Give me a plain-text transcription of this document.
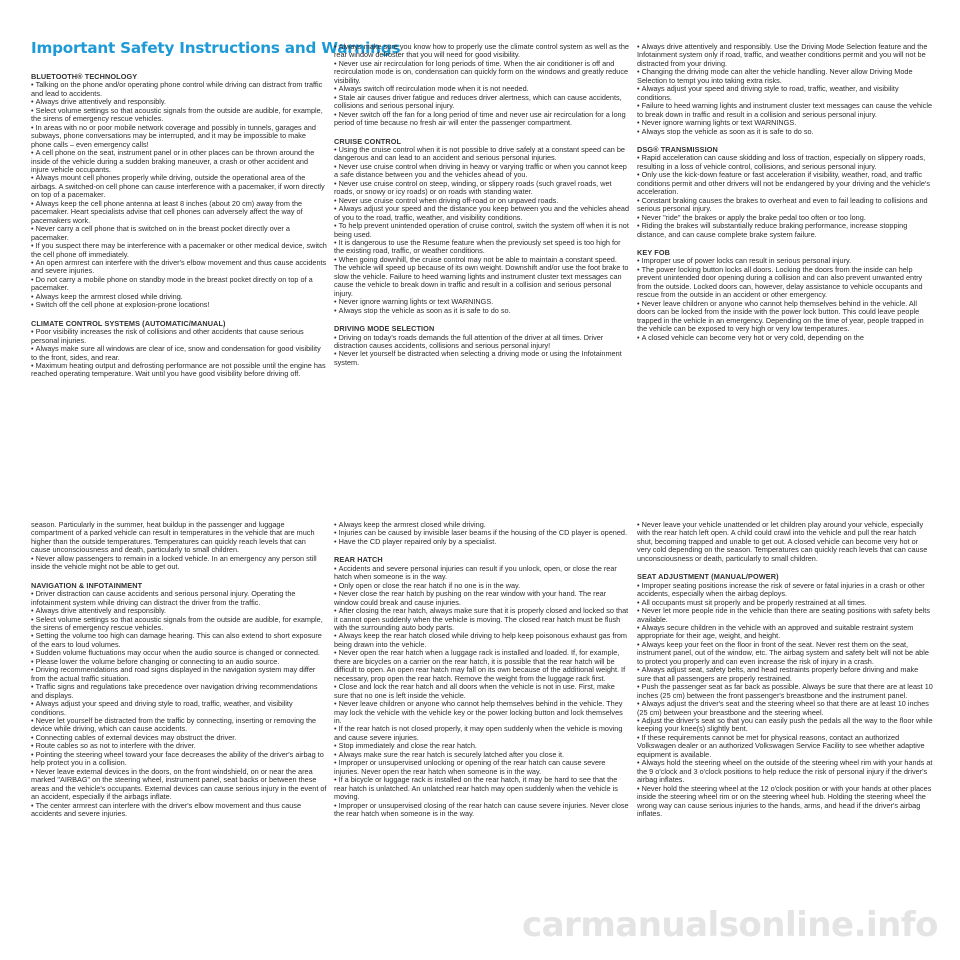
Important Safety Instructions and Warnings

BLUETOOTH® TECHNOLOGY

• Talking on the phone and/or operating phone control while driving can distract from traffic and lead to accidents.

• Always drive attentively and responsibly.

• Select volume settings so that acoustic signals from the outside are audible, for example, the sirens of emergency rescue vehicles.

• In areas with no or poor mobile network coverage and possibly in tunnels, garages and subways, phone conversations may be interrupted, and it may be impossible to make phone calls – even emergency calls!

• A cell phone on the seat, instrument panel or in other places can be thrown around the inside of the vehicle during a sudden braking maneuver, a crash or other accident and injure vehicle occupants.

• Always mount cell phones properly while driving, outside the operational area of the airbags. A switched-on cell phone can cause interference with a pacemaker, if worn directly on top of a pacemaker.

• Always keep the cell phone antenna at least 8 inches (about 20 cm) away from the pacemaker. Heart specialists advise that cell phones can adversely affect the way of pacemakers work.

• Never carry a cell phone that is switched on in the breast pocket directly over a pacemaker.

• If you suspect there may be interference with a pacemaker or other medical device, switch the cell phone off immediately.

• An open armrest can interfere with the driver's elbow movement and thus cause accidents and severe injuries.

• Do not carry a mobile phone on standby mode in the breast pocket directly on top of a pacemaker.

• Always keep the armrest closed while driving.

• Switch off the cell phone at explosion-prone locations!

CLIMATE CONTROL SYSTEMS (AUTOMATIC/MANUAL)

• Poor visibility increases the risk of collisions and other accidents that cause serious personal injuries.

• Always make sure all windows are clear of ice, snow and condensation for good visibility to the front, sides, and rear.

• Maximum heating output and defrosting performance are not possible until the engine has reached operating temperature. Wait until you have good visibility before driving off.

• Always make sure you know how to properly use the climate control system as well as the rear window defroster that you will need for good visibility.

• Never use air recirculation for long periods of time. When the air conditioner is off and recirculation mode is on, condensation can quickly form on the windows and greatly reduce visibility.

• Always switch off recirculation mode when it is not needed.

• Stale air causes driver fatigue and reduces driver alertness, which can cause accidents, collisions and serious personal injury.

• Never switch off the fan for a long period of time and never use air recirculation for a long period of time because no fresh air will enter the passenger compartment.

CRUISE CONTROL

• Using the cruise control when it is not possible to drive safely at a constant speed can be dangerous and can lead to an accident and serious personal injuries.

• Never use cruise control when driving in heavy or varying traffic or when you cannot keep a safe distance between you and the vehicles ahead of you.

• Never use cruise control on steep, winding, or slippery roads (such gravel roads, wet roads, or snowy or icy roads) or on roads with standing water.

• Never use cruise control when driving off-road or on unpaved roads.

• Always adjust your speed and the distance you keep between you and the vehicles ahead of you to the road, traffic, weather, and visibility conditions.

• To help prevent unintended operation of cruise control, switch the system off when it is not being used.

• It is dangerous to use the Resume feature when the previously set speed is too high for the existing road, traffic, or weather conditions.

• When going downhill, the cruise control may not be able to maintain a constant speed. The vehicle will speed up because of its own weight. Downshift and/or use the foot brake to slow the vehicle. Failure to heed warning lights and instrument cluster text messages can cause the vehicle to break down in traffic and result in a collision and serious personal injury.

• Never ignore warning lights or text WARNINGS.

• Always stop the vehicle as soon as it is safe to do so.

DRIVING MODE SELECTION

• Driving on today's roads demands the full attention of the driver at all times. Driver distraction causes accidents, collisions and serious personal injury!

• Never let yourself be distracted when selecting a driving mode or using the Infotainment system.

• Always drive attentively and responsibly. Use the Driving Mode Selection feature and the Infotainment system only if road, traffic, and weather conditions permit and you will not be distracted from your driving.

• Changing the driving mode can alter the vehicle handling. Never allow Driving Mode Selection to tempt you into taking extra risks.

• Always adjust your speed and driving style to road, traffic, weather, and visibility conditions.

• Failure to heed warning lights and instrument cluster text messages can cause the vehicle to break down in traffic and result in a collision and serious personal injury.

• Never ignore warning lights or text WARNINGS.

• Always stop the vehicle as soon as it is safe to do so.

DSG® TRANSMISSION

• Rapid acceleration can cause skidding and loss of traction, especially on slippery roads, resulting in a loss of vehicle control, collisions, and serious personal injury.

• Only use the kick-down feature or fast acceleration if visibility, weather, road, and traffic conditions permit and other drivers will not be endangered by your driving and the vehicle's acceleration.

• Constant braking causes the brakes to overheat and even to fail leading to collisions and serious personal injury.

• Never "ride" the brakes or apply the brake pedal too often or too long.

• Riding the brakes will substantially reduce braking performance, increase stopping distance, and can cause complete brake system failure.

KEY FOB

• Improper use of power locks can result in serious personal injury.

• The power locking button locks all doors. Locking the doors from the inside can help prevent unintended door opening during a collision and can also prevent unwanted entry from the outside. Locked doors can, however, delay assistance to vehicle occupants and rescue from the outside in an accident or other emergency.

• Never leave children or anyone who cannot help themselves behind in the vehicle. All doors can be locked from the inside with the power lock button. This could leave people trapped in the vehicle in an emergency. Depending on the time of year, people trapped in the vehicle can be exposed to very high or very low temperatures.

• A closed vehicle can become very hot or very cold, depending on the

season. Particularly in the summer, heat buildup in the passenger and luggage compartment of a parked vehicle can result in temperatures in the vehicle that are much higher than the outside temperatures. Temperatures can quickly reach levels that can cause unconsciousness and death, particularly to small children.

• Never allow passengers to remain in a locked vehicle. In an emergency any person still inside the vehicle might not be able to get out.

NAVIGATION & INFOTAINMENT

• Driver distraction can cause accidents and serious personal injury. Operating the infotainment system while driving can distract the driver from the traffic.

• Always drive attentively and responsibly.

• Select volume settings so that acoustic signals from the outside are audible, for example, the sirens of emergency rescue vehicles.

• Setting the volume too high can damage hearing. This can also extend to short exposure of the ears to loud volumes.

• Sudden volume fluctuations may occur when the audio source is changed or connected.

• Please lower the volume before changing or connecting to an audio source.

• Driving recommendations and road signs displayed in the navigation system may differ from the actual traffic situation.

• Traffic signs and regulations take precedence over navigation driving recommendations and displays.

• Always adjust your speed and driving style to road, traffic, weather, and visibility conditions.

• Never let yourself be distracted from the traffic by connecting, inserting or removing the device while driving, which can cause accidents.

• Connecting cables of external devices may obstruct the driver.

• Route cables so as not to interfere with the driver.

• Pointing the steering wheel toward your face decreases the ability of the driver's airbag to help protect you in a collision.

• Never leave external devices in the doors, on the front windshield, on or near the area marked "AIRBAG" on the steering wheel, instrument panel, seat backs or between these areas and the vehicle's occupants. External devices can cause serious injury in the event of an accident, especially if the airbags inflate.

• The center armrest can interfere with the driver's elbow movement and thus cause accidents and severe injuries.

• Always keep the armrest closed while driving.

• Injuries can be caused by invisible laser beams if the housing of the CD player is opened.

• Have the CD player repaired only by a specialist.

REAR HATCH

• Accidents and severe personal injuries can result if you unlock, open, or close the rear hatch when someone is in the way.

• Only open or close the rear hatch if no one is in the way.

• Never close the rear hatch by pushing on the rear window with your hand. The rear window could break and cause injuries.

• After closing the rear hatch, always make sure that it is properly closed and locked so that it cannot open suddenly when the vehicle is moving. The closed rear hatch must be flush with the surrounding auto body parts.

• Always keep the rear hatch closed while driving to help keep poisonous exhaust gas from being drawn into the vehicle.

• Never open the rear hatch when a luggage rack is installed and loaded. If, for example, there are bicycles on a carrier on the rear hatch, it is possible that the rear hatch will be difficult to open. An open rear hatch may fall on its own because of the additional weight. If necessary, prop open the rear hatch. Remove the weight from the luggage rack first.

• Close and lock the rear hatch and all doors when the vehicle is not in use. First, make sure that no one is left inside the vehicle.

• Never leave children or anyone who cannot help themselves behind in the vehicle. They may lock the vehicle with the vehicle key or the power locking button and lock themselves in.

• If the rear hatch is not closed properly, it may open suddenly when the vehicle is moving and cause severe injuries.

• Stop immediately and close the rear hatch.

• Always make sure the rear hatch is securely latched after you close it.

• Improper or unsupervised unlocking or opening of the rear hatch can cause severe injuries. Never open the rear hatch when someone is in the way.

• If a bicycle or luggage rack is installed on the rear hatch, it may be hard to see that the rear hatch is unlatched. An unlatched rear hatch may open suddenly when the vehicle is moving.

• Improper or unsupervised closing of the rear hatch can cause severe injuries. Never close the rear hatch when someone is in the way.

• Never leave your vehicle unattended or let children play around your vehicle, especially with the rear hatch left open. A child could crawl into the vehicle and pull the rear hatch shut, becoming trapped and unable to get out. A closed vehicle can become very hot or very cold depending on the season. Temperatures can quickly reach levels that can cause unconsciousness or death, particularly to small children.

SEAT ADJUSTMENT (MANUAL/POWER)

• Improper seating positions increase the risk of severe or fatal injuries in a crash or other accidents, especially when the airbag deploys.

• All occupants must sit properly and be properly restrained at all times.

• Never let more people ride in the vehicle than there are seating positions with safety belts available.

• Always secure children in the vehicle with an approved and suitable restraint system appropriate for their age, weight, and height.

• Always keep your feet on the floor in front of the seat. Never rest them on the seat, instrument panel, out of the window, etc. The airbag system and safety belt will not be able to protect you properly and can even increase the risk of injury in a crash.

• Always adjust seat, safety belts, and head restraints properly before driving and make sure that all passengers are properly restrained.

• Push the passenger seat as far back as possible. Always be sure that there are at least 10 inches (25 cm) between the front passenger's breastbone and the instrument panel.

• Always adjust the driver's seat and the steering wheel so that there are at least 10 inches (25 cm) between your breastbone and the steering wheel.

• Adjust the driver's seat so that you can easily push the pedals all the way to the floor while keeping your knee(s) slightly bent.

• If these requirements cannot be met for physical reasons, contact an authorized Volkswagen dealer or an authorized Volkswagen Service Facility to see whether adaptive equipment is available.

• Always hold the steering wheel on the outside of the steering wheel rim with your hands at the 9 o'clock and 3 o'clock positions to help reduce the risk of personal injury if the driver's airbag inflates.

• Never hold the steering wheel at the 12 o'clock position or with your hands at other places inside the steering wheel rim or on the steering wheel hub. Holding the steering wheel the wrong way can cause serious injuries to the hands, arms, and head if the driver's airbag inflates.

carmanualsonline.info
